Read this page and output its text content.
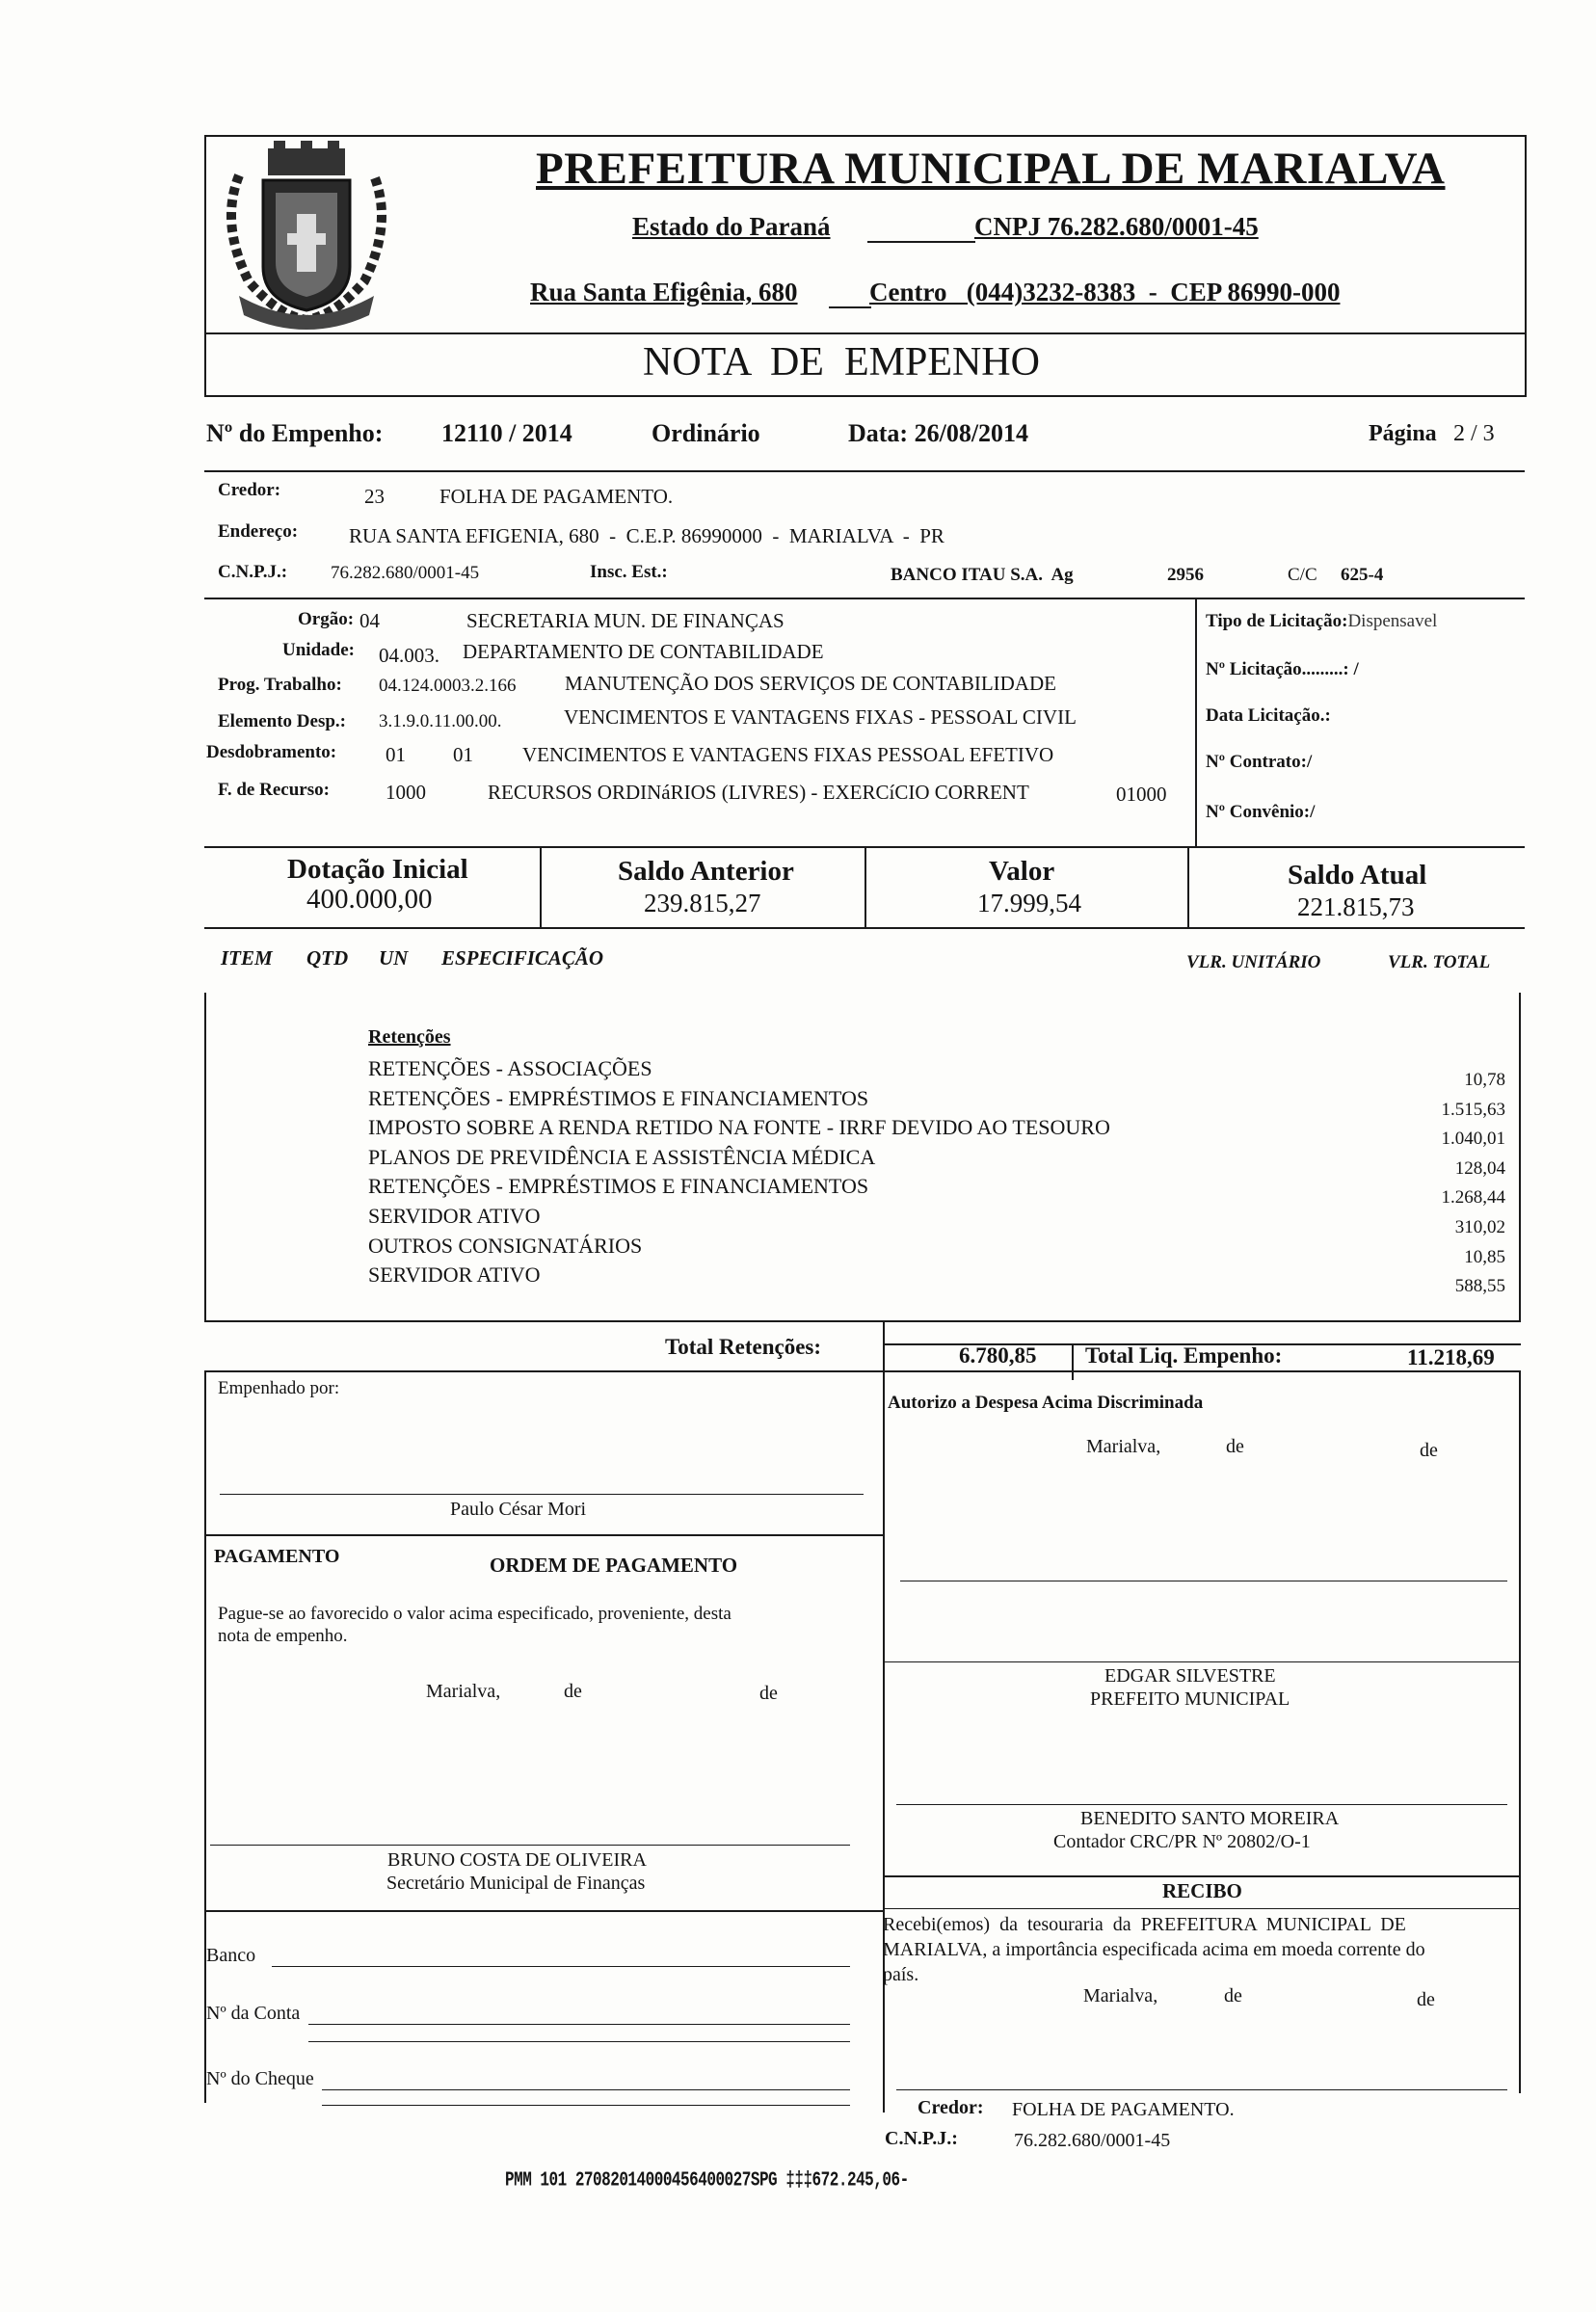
PREFEITURA MUNICIPAL DE MARIALVA
Estado do Paraná	CNPJ 76.282.680/0001-45
Rua Santa Efigênia, 680	Centro   (044)3232-8383  -  CEP 86990-000
NOTA  DE  EMPENHO
Nº do Empenho: 12110 / 2014	Ordinário	Data: 26/08/2014	Página 2 / 3
Credor:	23	FOLHA DE PAGAMENTO.
Endereço:	RUA SANTA EFIGENIA, 680  -  C.E.P. 86990000  -  MARIALVA  -  PR
C.N.P.J.: 76.282.680/0001-45	Insc. Est.:	BANCO ITAU S.A.  Ag	2956	C/C 625-4
Orgão: 04	SECRETARIA MUN. DE FINANÇAS
Unidade: 04.003. DEPARTAMENTO DE CONTABILIDADE
Prog. Trabalho: 04.124.0003.2.166 MANUTENÇÃO DOS SERVIÇOS DE CONTABILIDADE
Elemento Desp.: 3.1.9.0.11.00.00.	VENCIMENTOS E VANTAGENS FIXAS - PESSOAL CIVIL
Desdobramento: 01 01 VENCIMENTOS E VANTAGENS FIXAS PESSOAL EFETIVO
F. de Recurso:	1000	RECURSOS ORDINáRIOS (LIVRES) - EXERCíCIO CORRENT	01000
Tipo de Licitação:Dispensavel
Nº Licitação.........: /
Data Licitação.:
Nº Contrato:/
Nº Convênio:/
Dotação Inicial
400.000,00
Saldo Anterior
239.815,27
Valor
17.999,54
Saldo Atual
221.815,73
ITEM QTD UN ESPECIFICAÇÃO	VLR. UNITÁRIO	VLR. TOTAL
Retenções
RETENÇÕES - ASSOCIAÇÕES	10,78
RETENÇÕES - EMPRÉSTIMOS E FINANCIAMENTOS	1.515,63
IMPOSTO SOBRE A RENDA RETIDO NA FONTE - IRRF DEVIDO AO TESOURO	1.040,01
PLANOS DE PREVIDÊNCIA E ASSISTÊNCIA MÉDICA	128,04
RETENÇÕES - EMPRÉSTIMOS E FINANCIAMENTOS	1.268,44
SERVIDOR ATIVO	310,02
OUTROS CONSIGNATÁRIOS	10,85
SERVIDOR ATIVO	588,55
Total Retenções:	6.780,85 Total Liq. Empenho:	11.218,69
Empenhado por:
Paulo César Mori
Autorizo a Despesa Acima Discriminada
Marialva,	de	de
PAGAMENTO	ORDEM DE PAGAMENTO
Pague-se ao favorecido o valor acima especificado, proveniente, desta
nota de empenho.
Marialva,	de	de
EDGAR SILVESTRE
PREFEITO MUNICIPAL
BENEDITO SANTO MOREIRA
Contador CRC/PR Nº 20802/O-1
BRUNO COSTA DE OLIVEIRA
Secretário Municipal de Finanças
Banco
Nº da Conta
Nº do Cheque
RECIBO
Recebi(emos)  da  tesouraria  da  PREFEITURA  MUNICIPAL  DE
MARIALVA, a importância especificada acima em moeda corrente do
país.
Marialva,	de	de
Credor: FOLHA DE PAGAMENTO.
C.N.P.J.:	76.282.680/0001-45
PMM 101 27082014000456400027SPG ‡‡‡672.245,06-
